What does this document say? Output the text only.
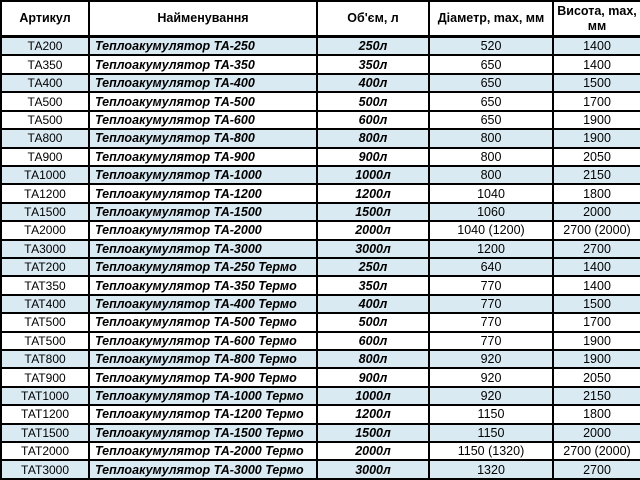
Артикул	Найменування	Об'єм, л	Діаметр, max, мм	Висота, max, мм
ТА200	Теплоакумулятор ТА-250	250л	520	1400
ТА350	Теплоакумулятор ТА-350	350л	650	1400
ТА400	Теплоакумулятор ТА-400	400л	650	1500
ТА500	Теплоакумулятор ТА-500	500л	650	1700
ТА500	Теплоакумулятор ТА-600	600л	650	1900
ТА800	Теплоакумулятор ТА-800	800л	800	1900
ТА900	Теплоакумулятор ТА-900	900л	800	2050
ТА1000	Теплоакумулятор ТА-1000	1000л	800	2150
ТА1200	Теплоакумулятор ТА-1200	1200л	1040	1800
ТА1500	Теплоакумулятор ТА-1500	1500л	1060	2000
ТА2000	Теплоакумулятор ТА-2000	2000л	1040 (1200)	2700 (2000)
ТА3000	Теплоакумулятор ТА-3000	3000л	1200	2700
ТАТ200	Теплоакумулятор ТА-250 Термо	250л	640	1400
ТАТ350	Теплоакумулятор ТА-350 Термо	350л	770	1400
ТАТ400	Теплоакумулятор ТА-400 Термо	400л	770	1500
ТАТ500	Теплоакумулятор ТА-500 Термо	500л	770	1700
ТАТ500	Теплоакумулятор ТА-600 Термо	600л	770	1900
ТАТ800	Теплоакумулятор ТА-800 Термо	800л	920	1900
ТАТ900	Теплоакумулятор ТА-900 Термо	900л	920	2050
ТАТ1000	Теплоакумулятор ТА-1000 Термо	1000л	920	2150
ТАТ1200	Теплоакумулятор ТА-1200 Термо	1200л	1150	1800
ТАТ1500	Теплоакумулятор ТА-1500 Термо	1500л	1150	2000
ТАТ2000	Теплоакумулятор ТА-2000 Термо	2000л	1150 (1320)	2700 (2000)
ТАТ3000	Теплоакумулятор ТА-3000 Термо	3000л	1320	2700
